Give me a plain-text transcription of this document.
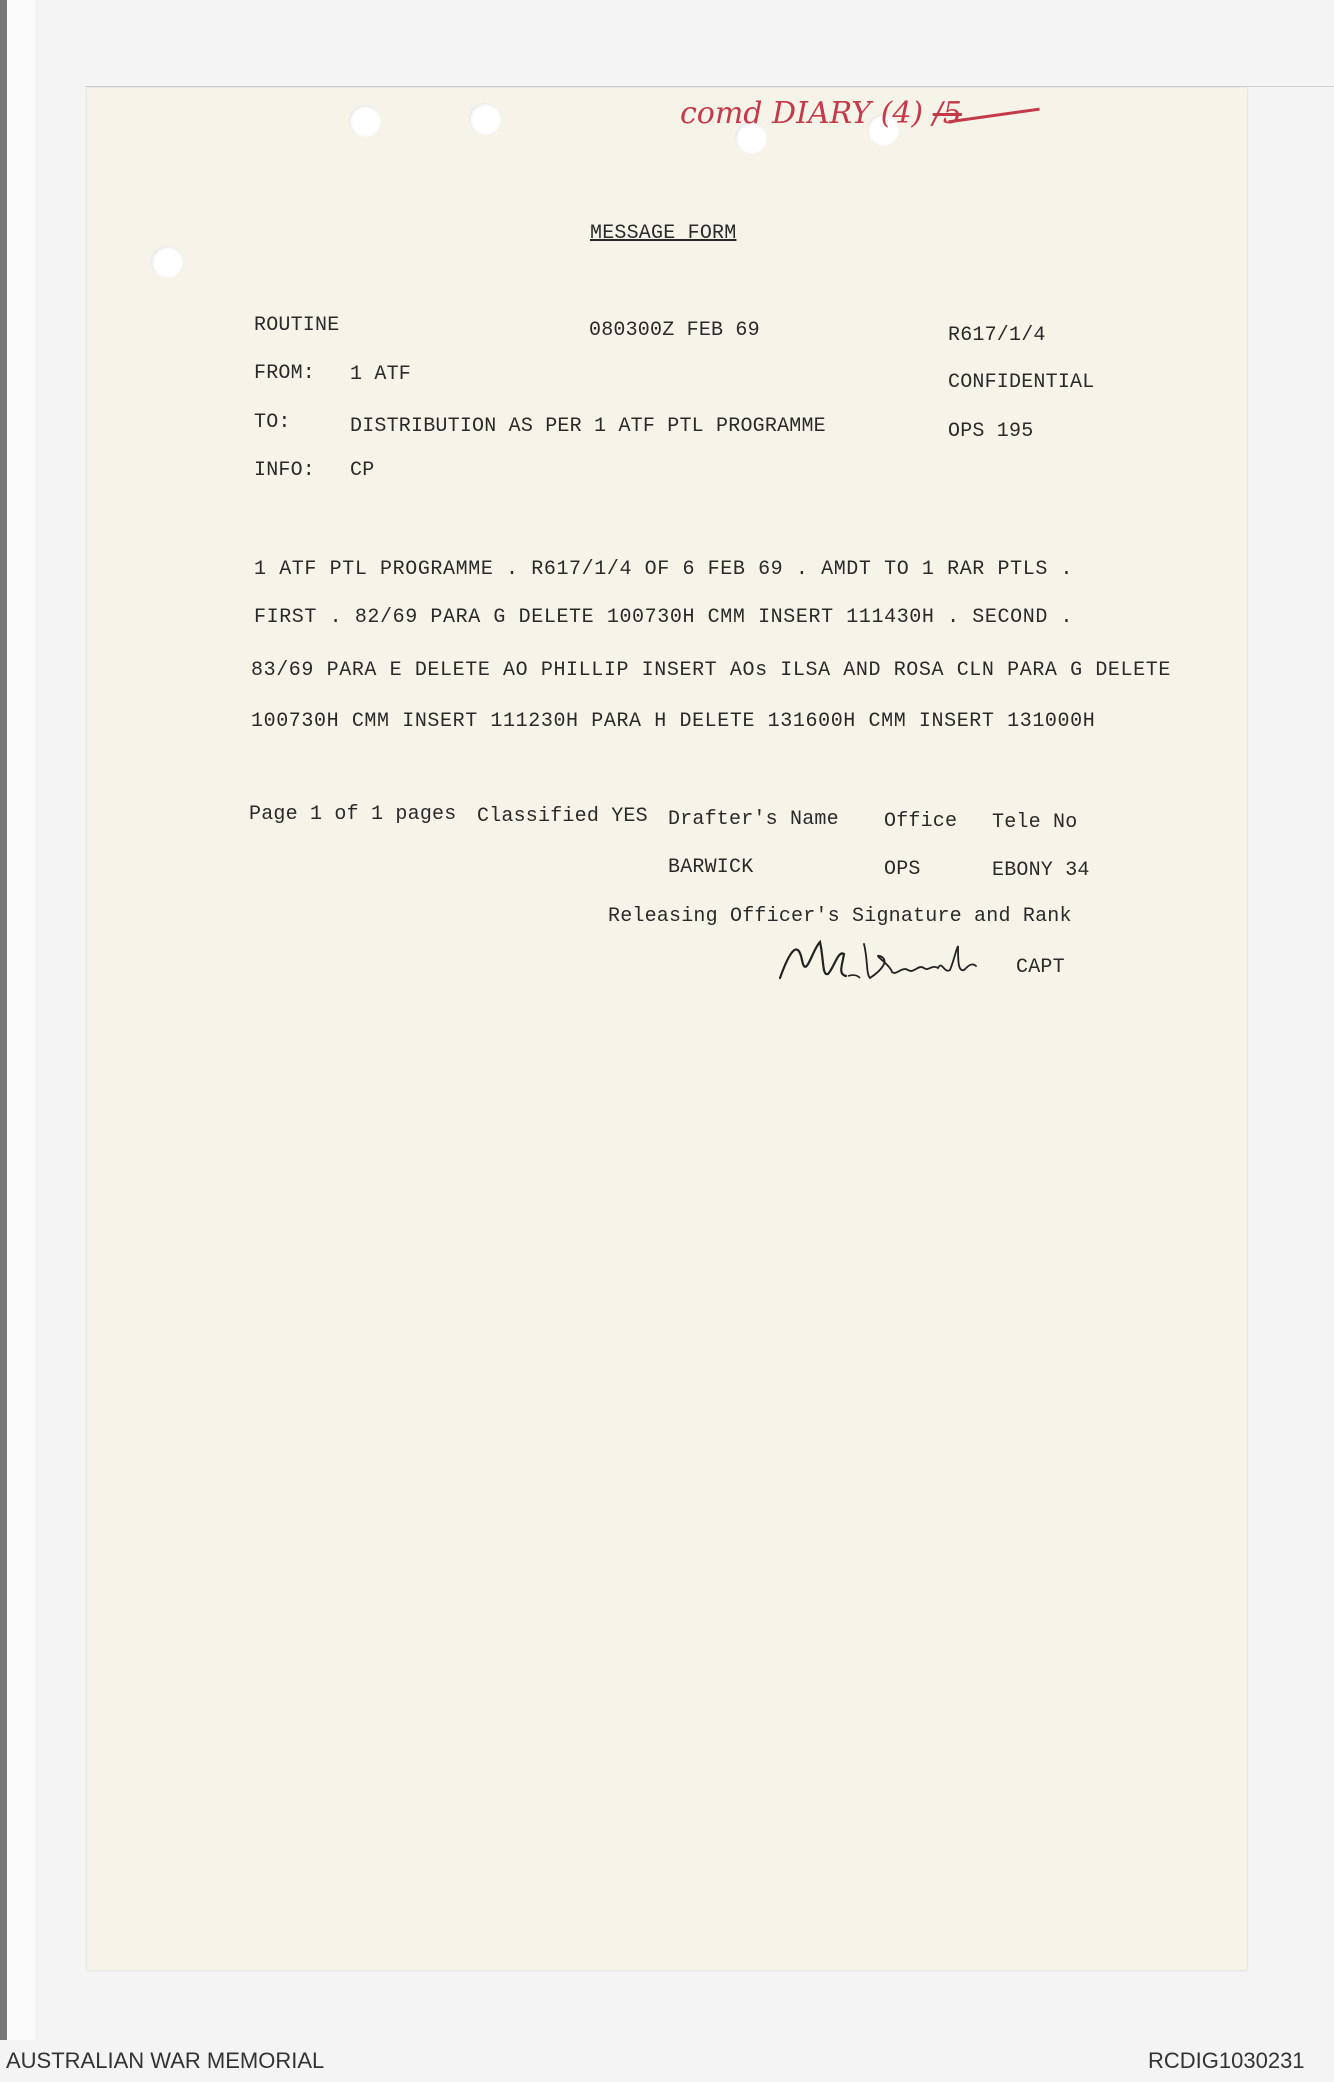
comd DIARY (4) /5
MESSAGE FORM
ROUTINE	080300Z FEB 69	R617/1/4
FROM: 1 ATF	CONFIDENTIAL
TO:	DISTRIBUTION AS PER 1 ATF PTL PROGRAMME	OPS 195
INFO: CP
1 ATF PTL PROGRAMME . R617/1/4 OF 6 FEB 69 . AMDT TO 1 RAR PTLS .
FIRST . 82/69 PARA G DELETE 100730H CMM INSERT 111430H . SECOND .
83/69 PARA E DELETE AO PHILLIP INSERT AOs ILSA AND ROSA CLN PARA G DELETE
100730H CMM INSERT 111230H PARA H DELETE 131600H CMM INSERT 131000H
Page 1 of 1 pages Classified YES Drafter's Name Office Tele No
BARWICK	OPS	EBONY 34
Releasing Officer's Signature and Rank
CAPT
AUSTRALIAN WAR MEMORIAL	RCDIG1030231
